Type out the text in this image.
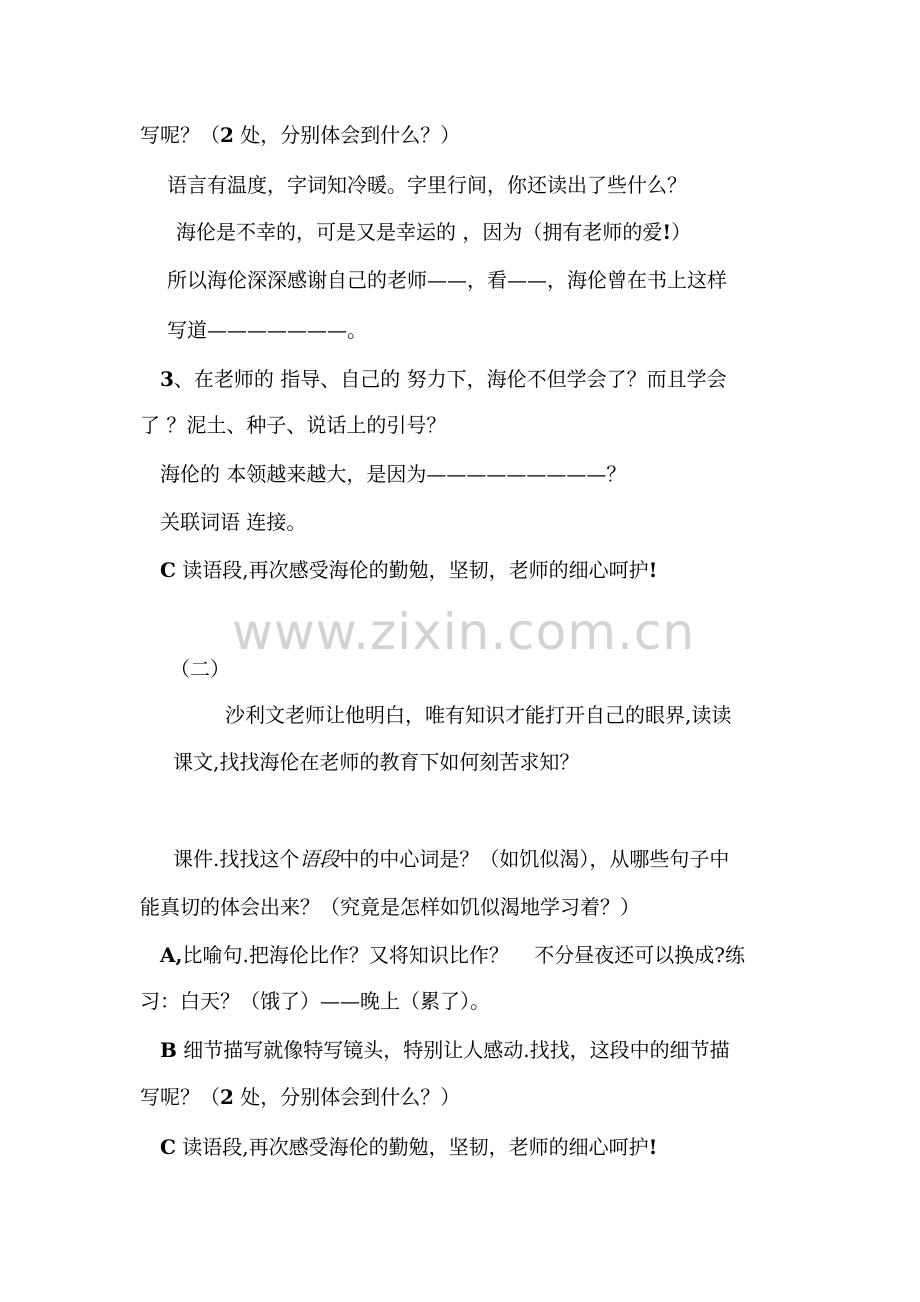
写呢？（2 处，分别体会到什么？）
语言有温度，字词知冷暖。字里行间，你还读出了些什么？
海伦是不幸的，可是又是幸运的 ，因为（拥有老师的爱!）
所以海伦深深感谢自己的老师——，看——，海伦曾在书上这样
写道———————。
3、在老师的 指导、自己的 努力下，海伦不但学会了？而且学会
了 ？泥土、种子、说话上的引号？
海伦的 本领越来越大，是因为—————————？
关联词语 连接。
C 读语段,再次感受海伦的勤勉，坚韧，老师的细心呵护!
www.zixin.com.cn
（二）
沙利文老师让他明白，唯有知识才能打开自己的眼界,读读
课文,找找海伦在老师的教育下如何刻苦求知？
课件.找找这个语段中的中心词是？（如饥似渴），从哪些句子中
能真切的体会出来？（究竟是怎样如饥似渴地学习着？）
A,比喻句.把海伦比作？又将知识比作？    不分昼夜还可以换成?练
习：白天？（饿了）——晚上（累了）。
B 细节描写就像特写镜头，特别让人感动.找找，这段中的细节描
写呢？（2 处，分别体会到什么？）
C 读语段,再次感受海伦的勤勉，坚韧，老师的细心呵护!
